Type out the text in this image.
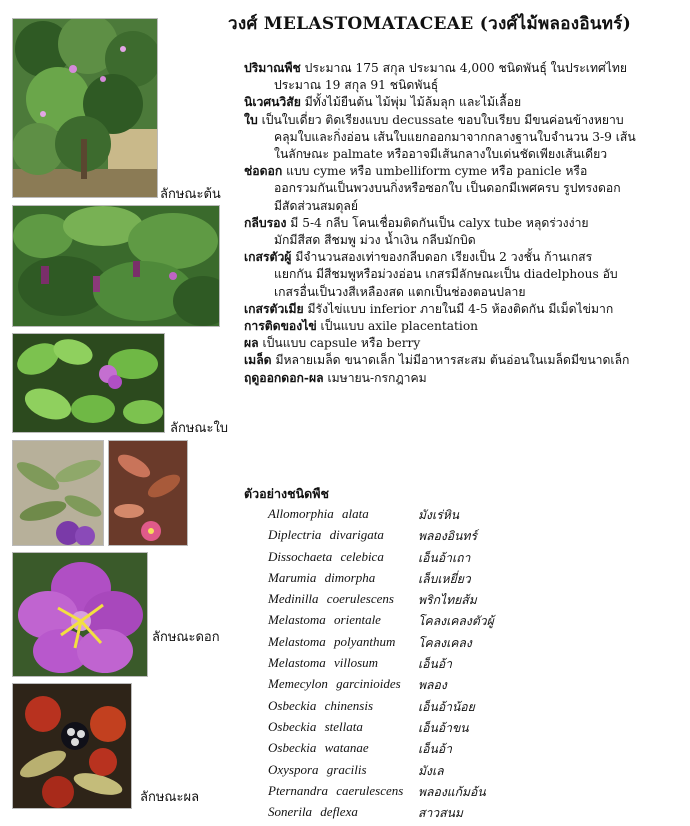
วงศ์ MELASTOMATACEAE (วงศ์ไม้พลองอินทร์)
ลักษณะต้น
ลักษณะใบ
ลักษณะดอก
ลักษณะผล

ปริมาณพืช ประมาณ 175 สกุล ประมาณ 4,000 ชนิดพันธุ์ ในประเทศไทย

ประมาณ 19 สกุล 91 ชนิดพันธุ์

นิเวศนวิสัย มีทั้งไม้ยืนต้น ไม้พุ่ม ไม้ล้มลุก และไม้เลื้อย

ใบ เป็นใบเดี่ยว ติดเรียงแบบ decussate ขอบใบเรียบ มีขนค่อนข้างหยาบ

คลุมใบและกิ่งอ่อน เส้นใบแยกออกมาจากกลางฐานใบจำนวน 3-9 เส้น

ในลักษณะ palmate หรืออาจมีเส้นกลางใบเด่นชัดเพียงเส้นเดียว

ช่อดอก แบบ cyme หรือ umbelliform cyme หรือ panicle หรือ

ออกรวมกันเป็นพวงบนกิ่งหรือซอกใบ เป็นดอกมีเพศครบ รูปทรงดอก

มีสัดส่วนสมดุลย์

กลีบรอง มี 5-4 กลีบ โคนเชื่อมติดกันเป็น calyx tube หลุดร่วงง่าย

มักมีสีสด สีชมพู ม่วง น้ำเงิน กลีบมักบิด

เกสรตัวผู้ มีจำนวนสองเท่าของกลีบดอก เรียงเป็น 2 วงชั้น ก้านเกสร

แยกกัน มีสีชมพูหรือม่วงอ่อน เกสรมีลักษณะเป็น diadelphous อับ

เกสรอื่นเป็นวงสีเหลืองสด แตกเป็นช่องตอนปลาย

เกสรตัวเมีย มีรังไข่แบบ inferior ภายในมี 4-5 ห้องติดกัน มีเม็ดไข่มาก

การติดของไข่ เป็นแบบ axile placentation

ผล เป็นแบบ capsule หรือ berry

เมล็ด มีหลายเมล็ด ขนาดเล็ก ไม่มีอาหารสะสม ต้นอ่อนในเมล็ดมีขนาดเล็ก

ฤดูออกดอก-ผล เมษายน-กรกฎาคม

ตัวอย่างชนิดพืช
Allomorphia alata	มังเร่หิน
Diplectria divarigata	พลองอินทร์
Dissochaeta celebica	เอ็นอ้าเถา
Marumia dimorpha	เล็บเหยี่ยว
Medinilla coerulescens พริกไทยส้ม
Melastoma orientale	โคลงเคลงตัวผู้
Melastoma polyanthum โคลงเคลง
Melastoma villosum	เอ็นอ้า
Memecylon garcinioides พลอง
Osbeckia chinensis	เอ็นอ้าน้อย
Osbeckia stellata	เอ็นอ้าขน
Osbeckia watanae	เอ็นอ้า
Oxyspora gracilis	มังเล
Pternandra caerulescens พลองแก้มอ้น
Sonerila deflexa	สาวสนม
